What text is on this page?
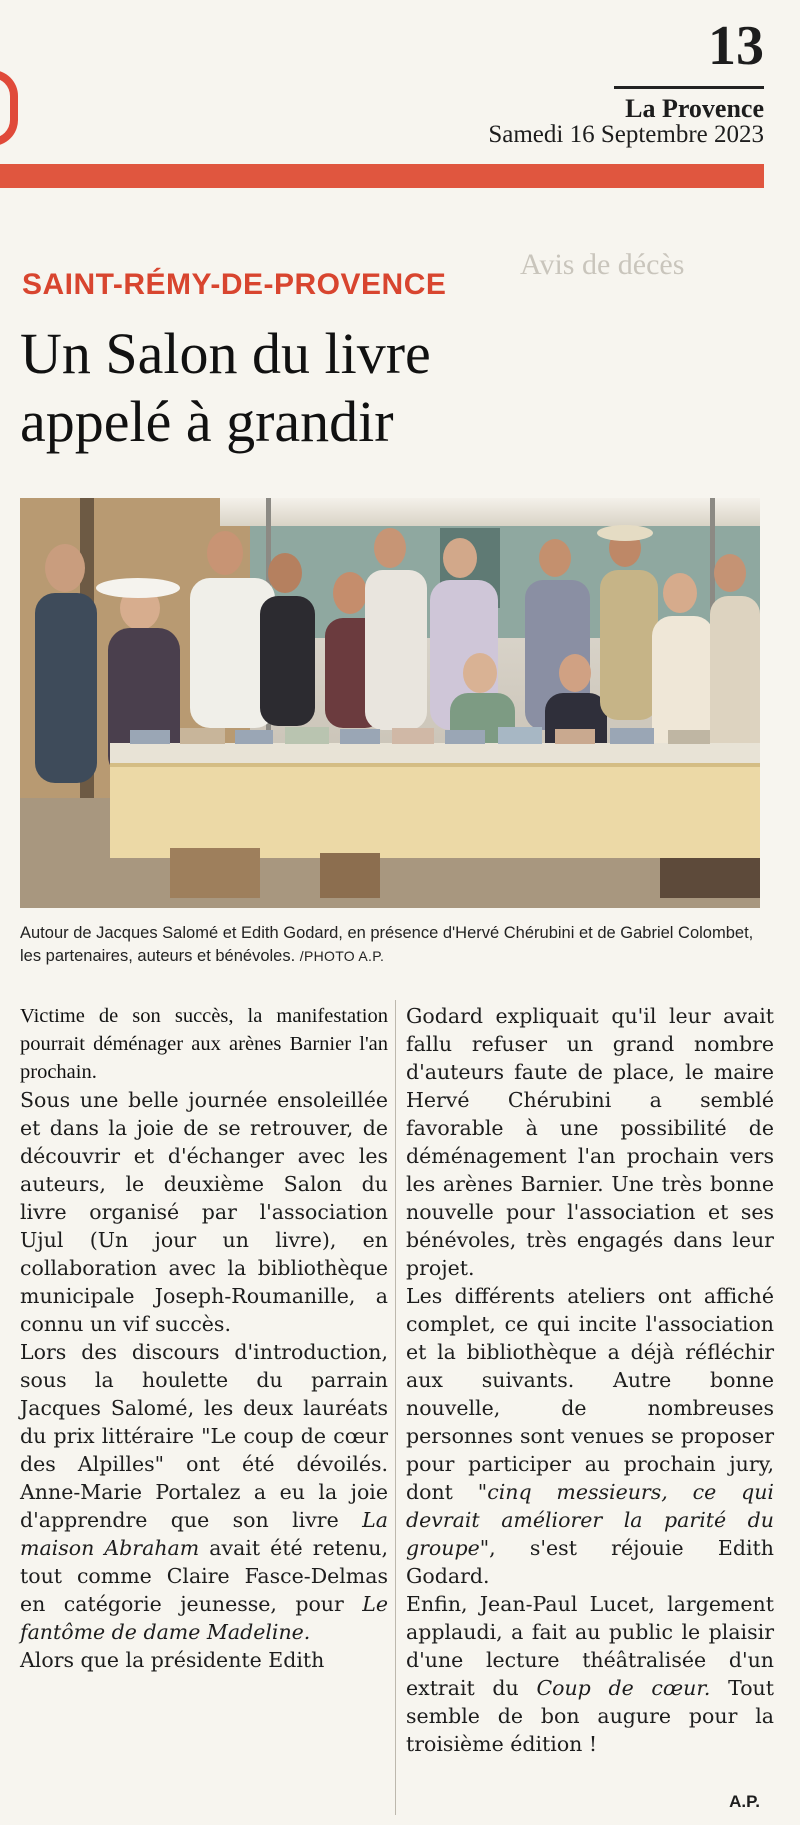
13
La Provence
Samedi 16 Septembre 2023
Avis de décès
SAINT-RÉMY-DE-PROVENCE
Un Salon du livre
appelé à grandir

Autour de Jacques Salomé et Edith Godard, en présence d'Hervé Chérubini et de Gabriel Colombet, les partenaires, auteurs et bénévoles. /PHOTO A.P.

Victime de son succès, la manifestation pourrait déménager aux arènes Barnier l'an prochain.

Sous une belle journée ensoleillée et dans la joie de se retrouver, de découvrir et d'échanger avec les auteurs, le deuxième Salon du livre organisé par l'association Ujul (Un jour un livre), en collaboration avec la bibliothèque municipale Joseph-Roumanille, a connu un vif succès.

Lors des discours d'introduction, sous la houlette du parrain Jacques Salomé, les deux lauréats du prix littéraire "Le coup de cœur des Alpilles" ont été dévoilés. Anne-Marie Portalez a eu la joie d'apprendre que son livre La maison Abraham avait été retenu, tout comme Claire Fasce-Delmas en catégorie jeunesse, pour Le fantôme de dame Madeline.

Alors que la présidente Edith

Godard expliquait qu'il leur avait fallu refuser un grand nombre d'auteurs faute de place, le maire Hervé Chérubini a semblé favorable à une possibilité de déménagement l'an prochain vers les arènes Barnier. Une très bonne nouvelle pour l'association et ses bénévoles, très engagés dans leur projet.

Les différents ateliers ont affiché complet, ce qui incite l'association et la bibliothèque a déjà réfléchir aux suivants. Autre bonne nouvelle, de nombreuses personnes sont venues se proposer pour participer au prochain jury, dont "cinq messieurs, ce qui devrait améliorer la parité du groupe", s'est réjouie Edith Godard.

Enfin, Jean-Paul Lucet, largement applaudi, a fait au public le plaisir d'une lecture théâtralisée d'un extrait du Coup de cœur. Tout semble de bon augure pour la troisième édition !

A.P.
